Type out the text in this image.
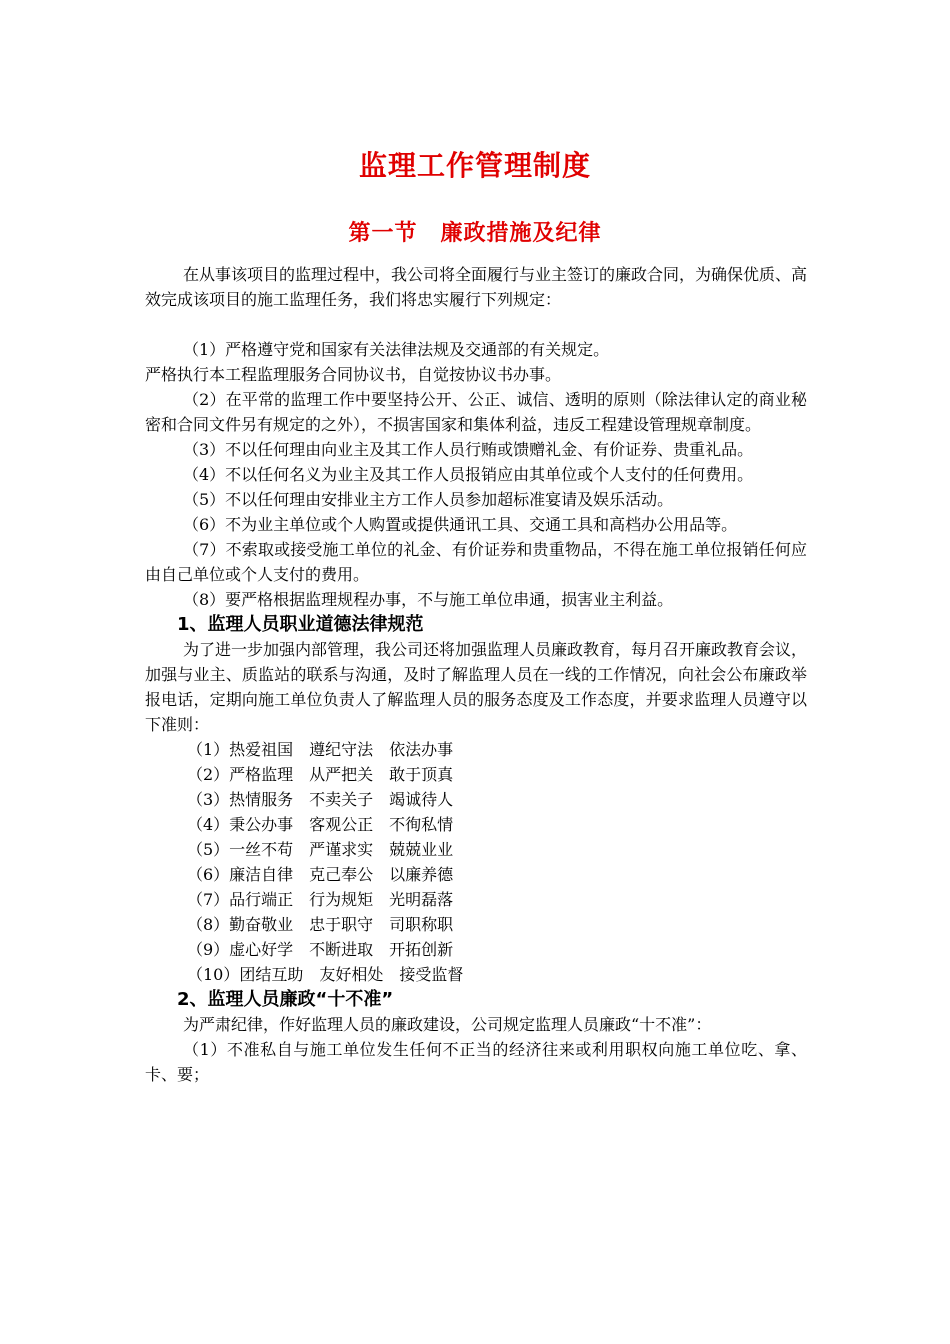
监理工作管理制度
第一节　廉政措施及纪律

在从事该项目的监理过程中，我公司将全面履行与业主签订的廉政合同，为确保优质、高效完成该项目的施工监理任务，我们将忠实履行下列规定：

（1）严格遵守党和国家有关法律法规及交通部的有关规定。

严格执行本工程监理服务合同协议书，自觉按协议书办事。

（2）在平常的监理工作中要坚持公开、公正、诚信、透明的原则（除法律认定的商业秘密和合同文件另有规定的之外），不损害国家和集体利益，违反工程建设管理规章制度。

（3）不以任何理由向业主及其工作人员行贿或馈赠礼金、有价证券、贵重礼品。

（4）不以任何名义为业主及其工作人员报销应由其单位或个人支付的任何费用。

（5）不以任何理由安排业主方工作人员参加超标准宴请及娱乐活动。

（6）不为业主单位或个人购置或提供通讯工具、交通工具和高档办公用品等。

（7）不索取或接受施工单位的礼金、有价证券和贵重物品，不得在施工单位报销任何应由自己单位或个人支付的费用。

（8）要严格根据监理规程办事，不与施工单位串通，损害业主利益。

1、监理人员职业道德法律规范

为了进一步加强内部管理，我公司还将加强监理人员廉政教育，每月召开廉政教育会议，加强与业主、质监站的联系与沟通，及时了解监理人员在一线的工作情况，向社会公布廉政举报电话，定期向施工单位负责人了解监理人员的服务态度及工作态度，并要求监理人员遵守以下准则：

（1）热爱祖国　遵纪守法　依法办事

（2）严格监理　从严把关　敢于顶真

（3）热情服务　不卖关子　竭诚待人

（4）秉公办事　客观公正　不徇私情

（5）一丝不苟　严谨求实　兢兢业业

（6）廉洁自律　克己奉公　以廉养德

（7）品行端正　行为规矩　光明磊落

（8）勤奋敬业　忠于职守　司职称职

（9）虚心好学　不断进取　开拓创新

（10）团结互助　友好相处　接受监督

2、监理人员廉政“十不准”

为严肃纪律，作好监理人员的廉政建设，公司规定监理人员廉政“十不准”：

（1）不准私自与施工单位发生任何不正当的经济往来或利用职权向施工单位吃、拿、卡、要；
